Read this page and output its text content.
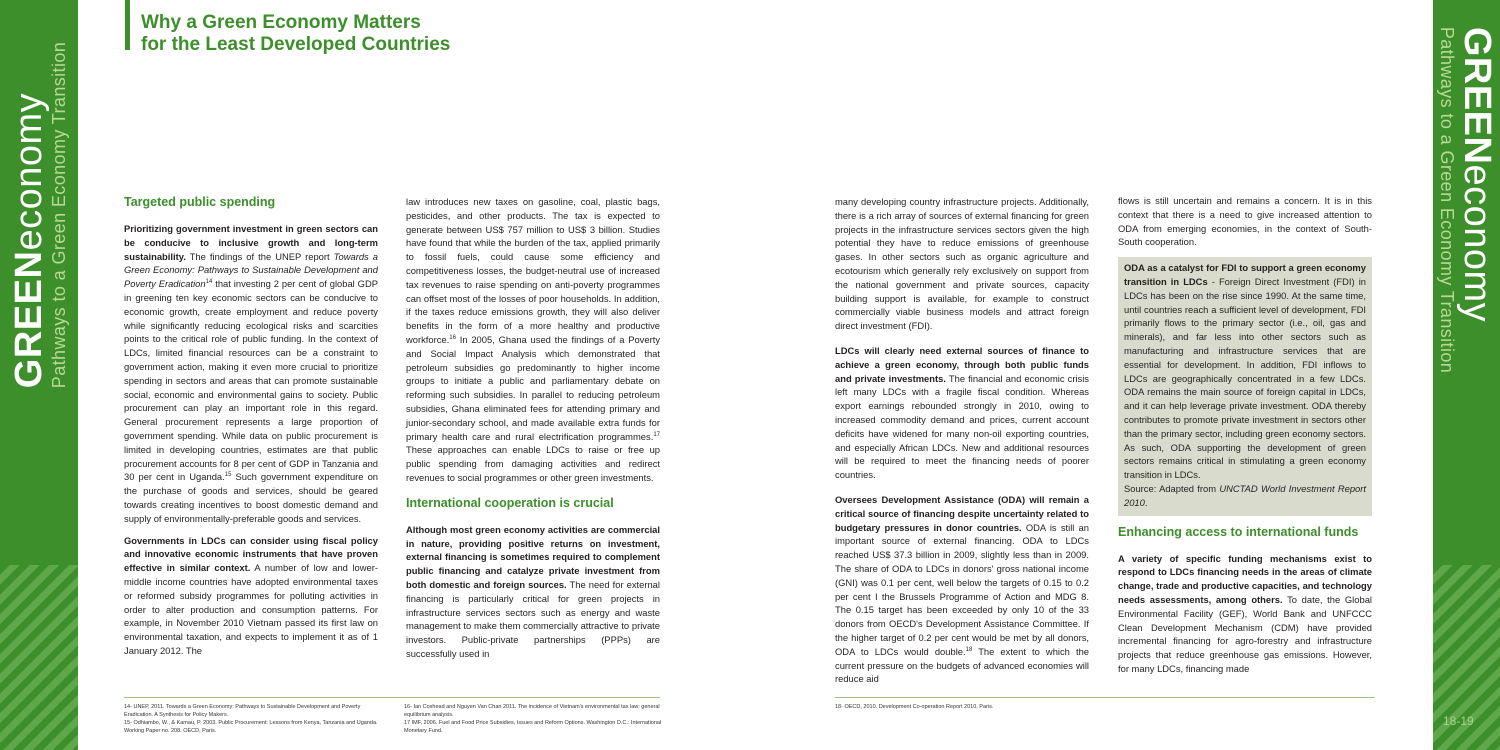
GREENeconomy Pathways to a Green Economy Transition	GREENeconomy
Pathways to a Green Economy Transition
18-19
Why a Green Economy Matters
for the Least Developed Countries
Targeted public spending

Prioritizing government investment in green sectors can be conducive to inclusive growth and long-term sustainability. The findings of the UNEP report Towards a Green Economy: Pathways to Sustainable Development and Poverty Eradication$^{14}$ that investing 2 per cent of global GDP in greening ten key economic sectors can be conducive to economic growth, create employment and reduce poverty while significantly reducing ecological risks and scarcities points to the critical role of public funding. In the context of LDCs, limited financial resources can be a constraint to government action, making it even more crucial to prioritize spending in sectors and areas that can promote sustainable social, economic and environmental gains to society. Public procurement can play an important role in this regard. General procurement represents a large proportion of government spending. While data on public procurement is limited in developing countries, estimates are that public procurement accounts for 8 per cent of GDP in Tanzania and 30 per cent in Uganda.$^{15}$ Such government expenditure on the purchase of goods and services, should be geared towards creating incentives to boost domestic demand and supply of environmentally-preferable goods and services.

Governments in LDCs can consider using fiscal policy and innovative economic instruments that have proven effective in similar context. A number of low and lower-middle income countries have adopted environmental taxes or reformed subsidy programmes for polluting activities in order to alter production and consumption patterns. For example, in November 2010 Vietnam passed its first law on environmental taxation, and expects to implement it as of 1 January 2012. The

law introduces new taxes on gasoline, coal, plastic bags, pesticides, and other products. The tax is expected to generate between US$ 757 million to US$ 3 billion. Studies have found that while the burden of the tax, applied primarily to fossil fuels, could cause some efficiency and competitiveness losses, the budget-neutral use of increased tax revenues to raise spending on anti-poverty programmes can offset most of the losses of poor households. In addition, if the taxes reduce emissions growth, they will also deliver benefits in the form of a more healthy and productive workforce.$^{16}$ In 2005, Ghana used the findings of a Poverty and Social Impact Analysis which demonstrated that petroleum subsidies go predominantly to higher income groups to initiate a public and parliamentary debate on reforming such subsidies. In parallel to reducing petroleum subsidies, Ghana eliminated fees for attending primary and junior-secondary school, and made available extra funds for primary health care and rural electrification programmes.$^{17}$ These approaches can enable LDCs to raise or free up public spending from damaging activities and redirect revenues to social programmes or other green investments.

International cooperation is crucial

Although most green economy activities are commercial in nature, providing positive returns on investment, external financing is sometimes required to complement public financing and catalyze private investment from both domestic and foreign sources. The need for external financing is particularly critical for green projects in infrastructure services sectors such as energy and waste management to make them commercially attractive to private investors. Public-private partnerships (PPPs) are successfully used in

many developing country infrastructure projects. Additionally, there is a rich array of sources of external financing for green projects in the infrastructure services sectors given the high potential they have to reduce emissions of greenhouse gases. In other sectors such as organic agriculture and ecotourism which generally rely exclusively on support from the national government and private sources, capacity building support is available, for example to construct commercially viable business models and attract foreign direct investment (FDI).

LDCs will clearly need external sources of finance to achieve a green economy, through both public funds and private investments. The financial and economic crisis left many LDCs with a fragile fiscal condition. Whereas export earnings rebounded strongly in 2010, owing to increased commodity demand and prices, current account deficits have widened for many non-oil exporting countries, and especially African LDCs. New and additional resources will be required to meet the financing needs of poorer countries.

Oversees Development Assistance (ODA) will remain a critical source of financing despite uncertainty related to budgetary pressures in donor countries. ODA is still an important source of external financing. ODA to LDCs reached US$ 37.3 billion in 2009, slightly less than in 2009. The share of ODA to LDCs in donors' gross national income (GNI) was 0.1 per cent, well below the targets of 0.15 to 0.2 per cent I the Brussels Programme of Action and MDG 8. The 0.15 target has been exceeded by only 10 of the 33 donors from OECD's Development Assistance Committee. If the higher target of 0.2 per cent would be met by all donors, ODA to LDCs would double.$^{18}$ The extent to which the current pressure on the budgets of advanced economies will reduce aid

flows is still uncertain and remains a concern. It is in this context that there is a need to give increased attention to ODA from emerging economies, in the context of South-South cooperation.

ODA as a catalyst for FDI to support a green economy transition in LDCs - Foreign Direct Investment (FDI) in LDCs has been on the rise since 1990. At the same time, until countries reach a sufficient level of development, FDI primarily flows to the primary sector (i.e., oil, gas and minerals), and far less into other sectors such as manufacturing and infrastructure services that are essential for development. In addition, FDI inflows to LDCs are geographically concentrated in a few LDCs. ODA remains the main source of foreign capital in LDCs, and it can help leverage private investment. ODA thereby contributes to promote private investment in sectors other than the primary sector, including green economy sectors. As such, ODA supporting the development of green sectors remains critical in stimulating a green economy transition in LDCs.

Source: Adapted from UNCTAD World Investment Report 2010.

Enhancing access to international funds

A variety of specific funding mechanisms exist to respond to LDCs financing needs in the areas of climate change, trade and productive capacities, and technology needs assessments, among others. To date, the Global Environmental Facility (GEF), World Bank and UNFCCC Clean Development Mechanism (CDM) have provided incremental financing for agro-forestry and infrastructure projects that reduce greenhouse gas emissions. However, for many LDCs, financing made

14- UNEP, 2011. Towards a Green Economy: Pathways to Sustainable Development and Poverty Eradication. A Synthesis for Policy Makers.

15- Odhiambo, W., & Kamau, P. 2003. Public Procurement: Lessons from Kenya, Tanzania and Uganda. Working Paper no. 208. OECD, Paris.

16- Ian Coxhead and Nguyen Van Chan 2011. The incidence of Vietnam's environmental tax law: general equilibrium analysis.

17 IMF, 2006. Fuel and Food Price Subsidies, Issues and Reform Options. Washington D.C.: International Monetary Fund.

18- OECD, 2010. Development Co-operation Report 2010, Paris.
